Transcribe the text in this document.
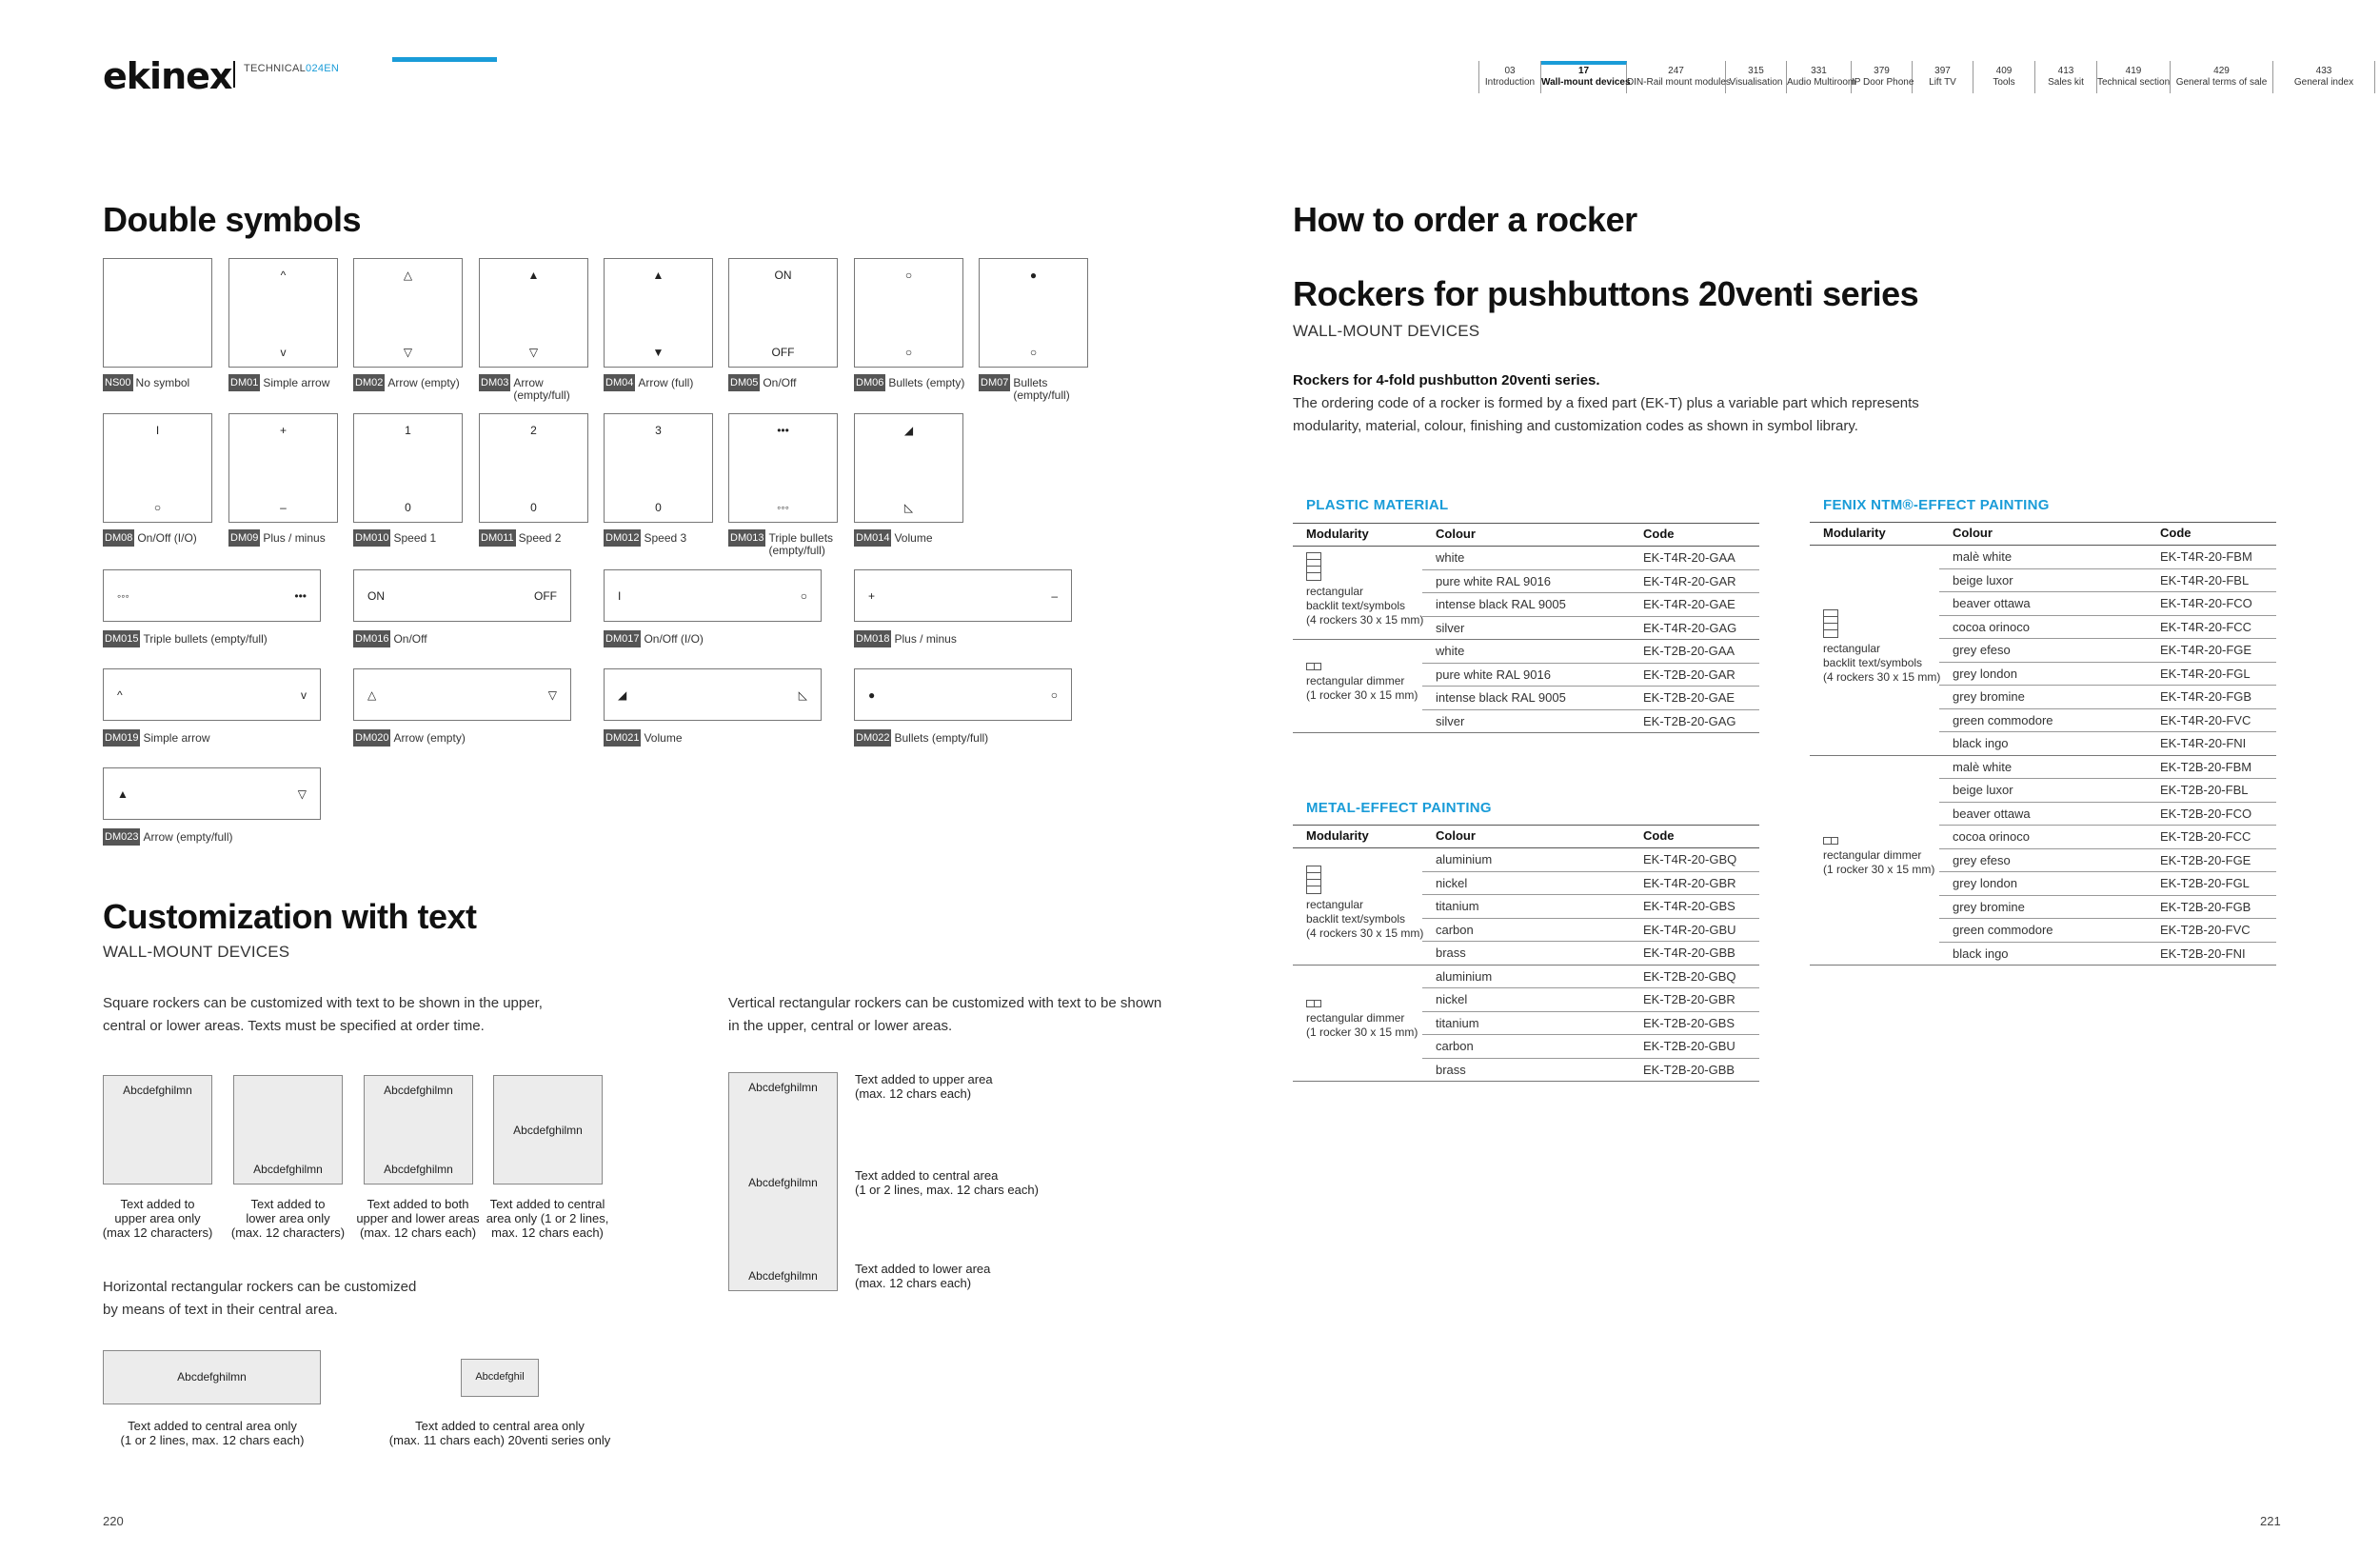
ekinex TECHNICAL024EN	03
Introduction
17
Wall-mount devices
247
DIN-Rail mount modules
315
Visualisation
331
Audio Multiroom
379
IP Door Phone
397
Lift TV
409
Tools
413
Sales kit
419
Technical section
429
General terms of sale
433
General index
Double symbols
NS00 No symbol
^
v
DM01 Simple arrow
△
▽
DM02 Arrow (empty)
▲
▽
DM03 Arrow (empty/full)
▲
▼
DM04 Arrow (full)
ON
OFF
DM05 On/Off
○
○
DM06 Bullets (empty)
●
○
DM07 Bullets (empty/full)
I
○
DM08 On/Off (I/O)
+
–
DM09 Plus / minus
1
0
DM010 Speed 1
2
0
DM011 Speed 2
3
0
DM012 Speed 3
•••
◦◦◦
DM013 Triple bullets (empty/full)
◢
◺
DM014 Volume
◦◦◦	•••
DM015 Triple bullets (empty/full)
ON	OFF
DM016 On/Off
I	○
DM017 On/Off (I/O)
+	–
DM018 Plus / minus
^	v
DM019 Simple arrow
△	▽
DM020 Arrow (empty)
◢	◺
DM021 Volume
●	○
DM022 Bullets (empty/full)
▲	▽
DM023 Arrow (empty/full)
Customization with text
WALL-MOUNT DEVICES
Square rockers can be customized with text to be shown in the upper,
central or lower areas. Texts must be specified at order time.
Vertical rectangular rockers can be customized with text to be shown
in the upper, central or lower areas.
Abcdefghilmn
Abcdefghilmn
Abcdefghilmn
Abcdefghilmn
Abcdefghilmn
Text added to
upper area only
(max 12 characters)
Text added to
lower area only
(max. 12 characters)
Text added to both
upper and lower areas
(max. 12 chars each)
Text added to central
area only (1 or 2 lines,
max. 12 chars each)
Abcdefghilmn
Abcdefghilmn
Abcdefghilmn
Text added to upper area
(max. 12 chars each)
Text added to central area
(1 or 2 lines, max. 12 chars each)
Text added to lower area
(max. 12 chars each)
Horizontal rectangular rockers can be customized
by means of text in their central area.
Abcdefghilmn	Abcdefghil
Text added to central area only
(1 or 2 lines, max. 12 chars each)
Text added to central area only
(max. 11 chars each) 20venti series only
220
How to order a rocker
Rockers for pushbuttons 20venti series
WALL-MOUNT DEVICES
Rockers for 4-fold pushbutton 20venti series.
The ordering code of a rocker is formed by a fixed part (EK-T) plus a variable part which represents
modularity, material, colour, finishing and customization codes as shown in symbol library.
PLASTIC MATERIAL
Modularity	Colour	Code
white	EK-T4R-20-GAA
pure white RAL 9016	EK-T4R-20-GAR
intense black RAL 9005	EK-T4R-20-GAE
silver	EK-T4R-20-GAG
rectangular
backlit text/symbols
(4 rockers 30 x 15 mm)
white	EK-T2B-20-GAA
pure white RAL 9016	EK-T2B-20-GAR
intense black RAL 9005	EK-T2B-20-GAE
silver	EK-T2B-20-GAG
rectangular dimmer
(1 rocker 30 x 15 mm)
METAL-EFFECT PAINTING
Modularity	Colour	Code
aluminium	EK-T4R-20-GBQ
nickel	EK-T4R-20-GBR
titanium	EK-T4R-20-GBS
carbon	EK-T4R-20-GBU
brass	EK-T4R-20-GBB
rectangular
backlit text/symbols
(4 rockers 30 x 15 mm)
aluminium	EK-T2B-20-GBQ
nickel	EK-T2B-20-GBR
titanium	EK-T2B-20-GBS
carbon	EK-T2B-20-GBU
brass	EK-T2B-20-GBB
rectangular dimmer
(1 rocker 30 x 15 mm)
FENIX NTM®-EFFECT PAINTING
Modularity	Colour	Code
malè white	EK-T4R-20-FBM
beige luxor	EK-T4R-20-FBL
beaver ottawa	EK-T4R-20-FCO
cocoa orinoco	EK-T4R-20-FCC
grey efeso	EK-T4R-20-FGE
grey london	EK-T4R-20-FGL
grey bromine	EK-T4R-20-FGB
green commodore	EK-T4R-20-FVC
black ingo	EK-T4R-20-FNI
rectangular
backlit text/symbols
(4 rockers 30 x 15 mm)
malè white	EK-T2B-20-FBM
beige luxor	EK-T2B-20-FBL
beaver ottawa	EK-T2B-20-FCO
cocoa orinoco	EK-T2B-20-FCC
grey efeso	EK-T2B-20-FGE
grey london	EK-T2B-20-FGL
grey bromine	EK-T2B-20-FGB
green commodore	EK-T2B-20-FVC
black ingo	EK-T2B-20-FNI
rectangular dimmer
(1 rocker 30 x 15 mm)
221
